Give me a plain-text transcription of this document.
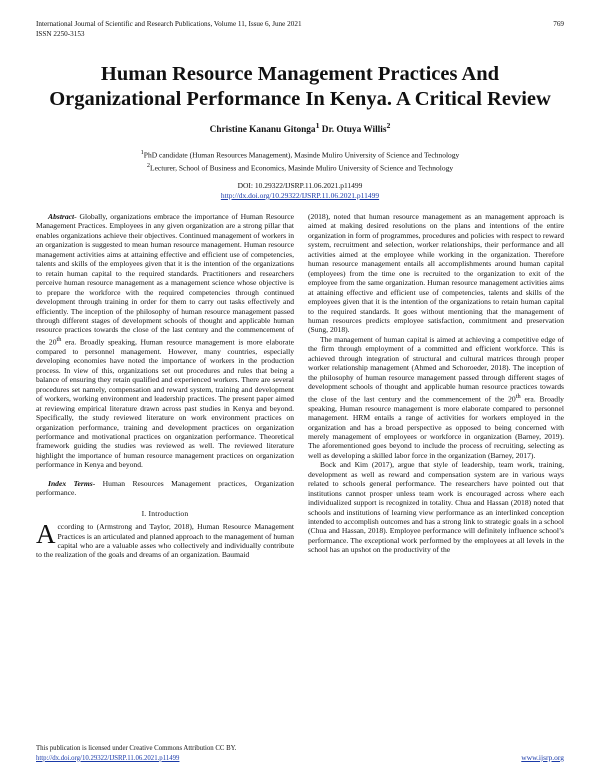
International Journal of Scientific and Research Publications, Volume 11, Issue 6, June 2021
ISSN 2250-3153
769
Human Resource Management Practices And
Organizational Performance In Kenya. A Critical Review
Christine Kananu Gitonga$^1$ Dr. Otuya Willis$^2$
$^1$PhD candidate (Human Resources Management), Masinde Muliro University of Science and Technology
$^2$Lecturer, School of Business and Economics, Masinde Muliro University of Science and Technology
DOI: 10.29322/IJSRP.11.06.2021.p11499
http://dx.doi.org/10.29322/IJSRP.11.06.2021.p11499

Abstract- Globally, organizations embrace the importance of Human Resource Management Practices. Employees in any given organization are a strong pillar that enables organizations achieve their objectives. Continued management of workers in an organization is suggested to mean human resource management. Human resource management activities aims at attaining effective and efficient use of competencies, talents and skills of the employees given that it is the intention of the organizations to retain human capital to the required standards. Practitioners and researchers perceive human resource management as a management science whose objective is to prepare the workforce with the required competencies through continued development through training in order for them to carry out tasks effectively and efficiently. The inception of the philosophy of human resource management passed through different stages of development schools of thought and applicable human resource practices towards the close of the last century and the commencement of the 20th era. Broadly speaking, Human resource management is more elaborate compared to personnel management. However, many countries, especially developing economies have noted the importance of workers in the production process. In view of this, organizations set out procedures and rules that being a balance of ensuring they retain qualified and experienced workers. There are several procedures set namely, compensation and reward system, training and development of workers, working environment and leadership practices. The present paper aimed at reviewing empirical literature drawn across past studies in Kenya and beyond. Specifically, the study reviewed literature on work environment practices on organization performance, training and development practices on organization performance and motivational practices on organization performance. Theoretical framework guiding the studies was reviewed as well. The reviewed literature highlight the importance of human resource management practices on organization performance in Kenya and beyond.

Index Terms- Human Resources Management practices, Organization performance.

I. Introduction

According to (Armstrong and Taylor, 2018), Human Resource Management Practices is an articulated and planned approach to the management of human capital who are a valuable asses who collectively and individually contribute to the realization of the goals and dreams of an organization. Baumaid

(2018), noted that human resource management as an management approach is aimed at making desired resolutions on the plans and intentions of the entire organization in form of programmes, procedures and policies with respect to reward system, recruitment and selection, worker relationships, their performance and all activities aimed at the employee while working in the organization. Therefore human resource management entails all accomplishments around human capital (employees) from the time one is recruited to the organization to exit of the employee from the same organization. Human resource management activities aims at attaining effective and efficient use of competencies, talents and skills of the employees given that it is the intention of the organizations to retain human capital to the required standards. It goes without mentioning that the management of human resources predicts employee satisfaction, commitment and preservation (Sung, 2018).

The management of human capital is aimed at achieving a competitive edge of the firm through employment of a committed and efficient workforce. This is achieved through integration of structural and cultural matrices through proper worker relationship management (Ahmed and Schoroeder, 2018). The inception of the philosophy of human resource management passed through different stages of development schools of thought and applicable human resource practices towards the close of the last century and the commencement of the 20th era. Broadly speaking, Human resource management is more elaborate compared to personnel management. HRM entails a range of activities for workers employed in the organization and has a broad perspective as opposed to being concerned with merely management of employees or workforce in organization (Barney, 2019). The aforementioned goes beyond to include the process of recruiting, selecting as well as developing a skilled labor force in the organization (Barney, 2017).

Bock and Kim (2017), argue that style of leadership, team work, training, development as well as reward and compensation system are in various ways related to schools general performance. The researchers have pointed out that institutions cannot prosper unless team work is encouraged across where each individualized support is recognized in totality. Chua and Hassan (2018) noted that schools and institutions of learning view performance as an interlinked conception intended to accomplish outcomes and has a strong link to strategic goals in a school (Chua and Hassan, 2018). Employee performance will definitely influence school’s performance. The exceptional work performed by the employees at all levels in the school has an upshot on the productivity of the

This publication is licensed under Creative Commons Attribution CC BY.
http://dx.doi.org/10.29322/IJSRP.11.06.2021.p11499	www.ijsrp.org
